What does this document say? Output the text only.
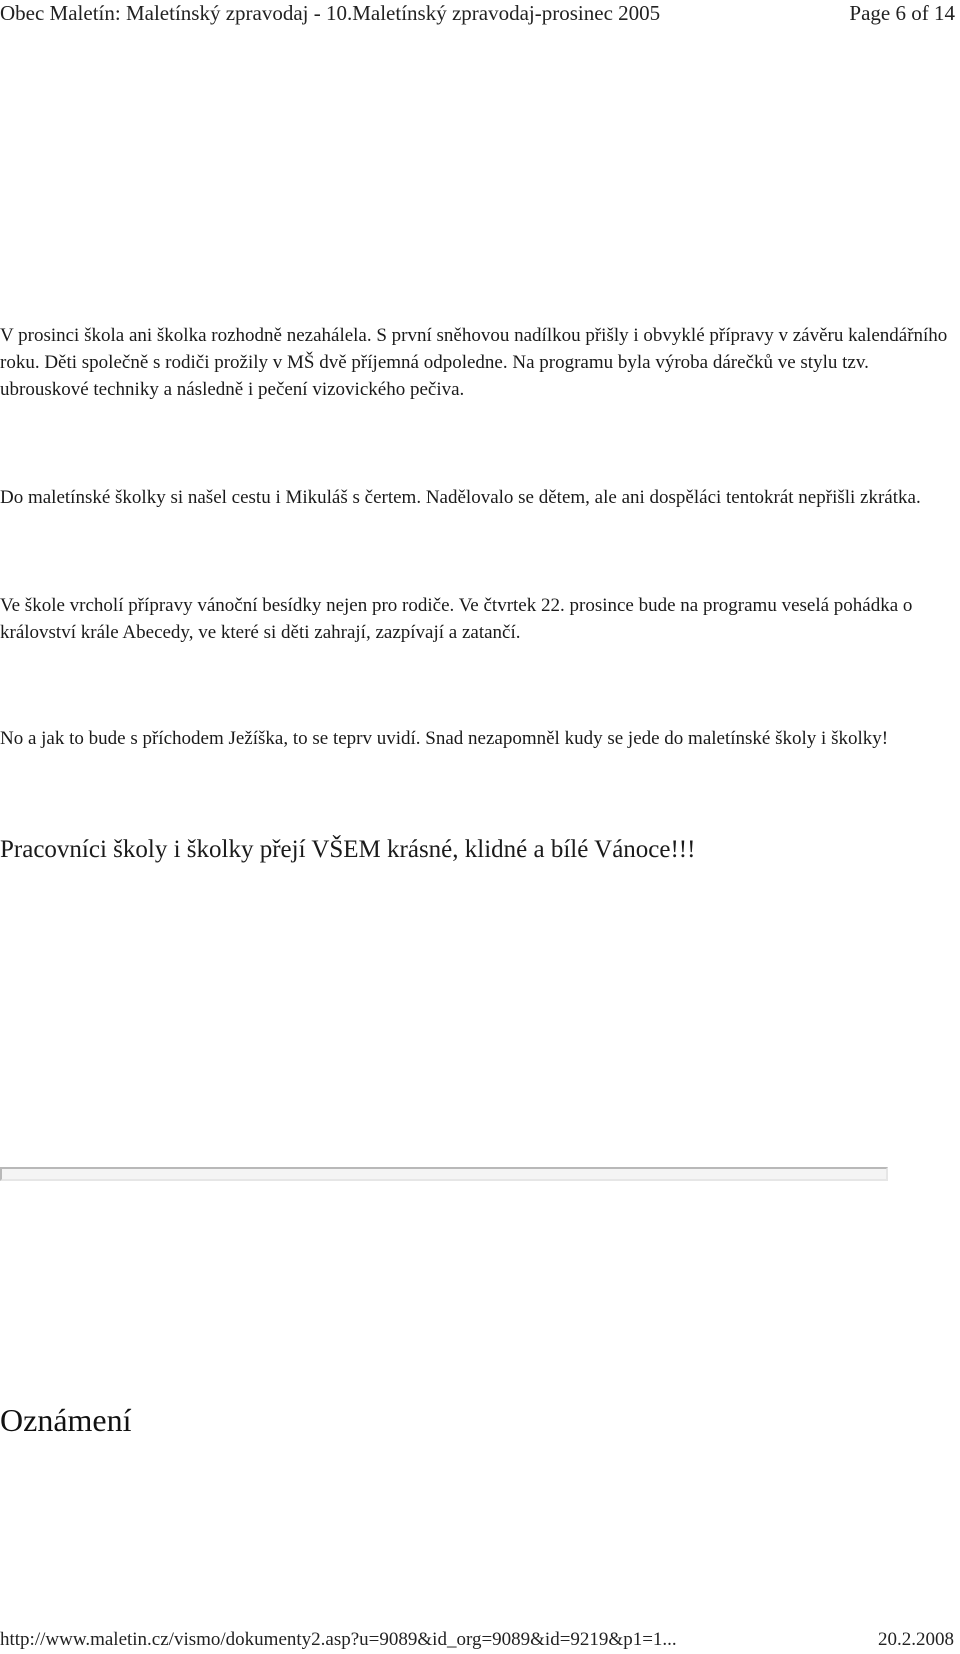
Obec Maletín: Maletínský zpravodaj - 10.Maletínský zpravodaj-prosinec 2005	Page 6 of 14

V prosinci škola ani školka rozhodně nezahálela. S první sněhovou nadílkou přišly i obvyklé přípravy v závěru kalendářního roku. Děti společně s rodiči prožily v MŠ dvě příjemná odpoledne. Na programu byla výroba dárečků ve stylu tzv. ubrouskové techniky a následně i pečení vizovického pečiva.

Do maletínské školky si našel cestu i Mikuláš s čertem. Nadělovalo se dětem, ale ani dospěláci tentokrát nepřišli zkrátka.

Ve škole vrcholí přípravy vánoční besídky nejen pro rodiče. Ve čtvrtek 22. prosince bude na programu veselá pohádka o království krále Abecedy, ve které si děti zahrají, zazpívají a zatančí.

No a jak to bude s příchodem Ježíška, to se teprv uvidí. Snad nezapomněl kudy se jede do maletínské školy i školky!

Pracovníci školy i školky přejí VŠEM krásné, klidné a bílé Vánoce!!!

Oznámení
http://www.maletin.cz/vismo/dokumenty2.asp?u=9089&id_org=9089&id=9219&p1=1...	20.2.2008
